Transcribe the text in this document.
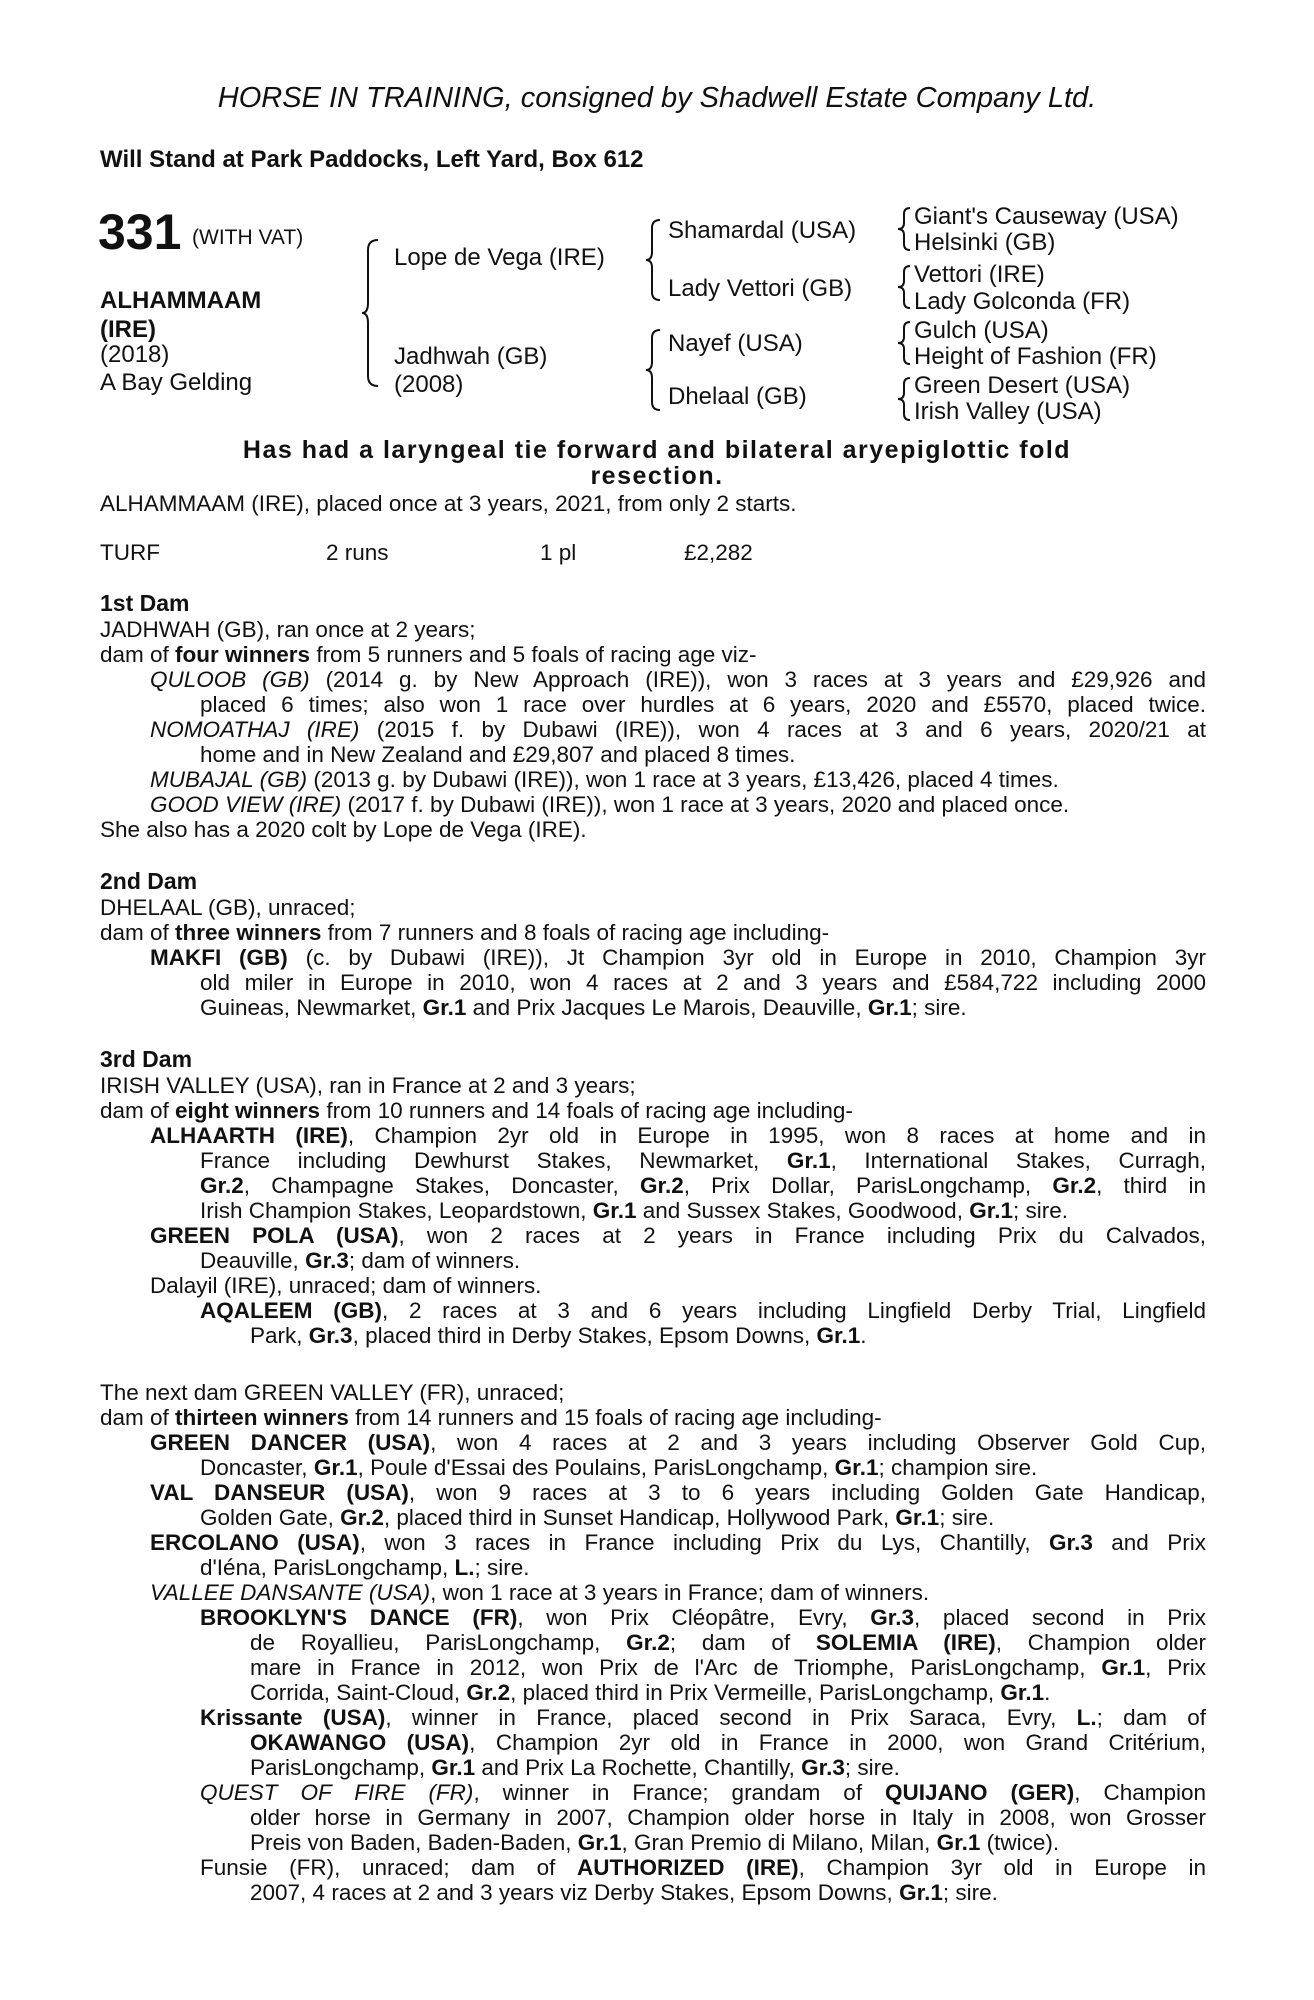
HORSE IN TRAINING, consigned by Shadwell Estate Company Ltd.
Will Stand at Park Paddocks, Left Yard, Box 612
331 (WITH VAT)
ALHAMMAAM
(IRE)
(2018)
A Bay Gelding
Lope de Vega (IRE)
Jadhwah (GB)
(2008)
Shamardal (USA)
Lady Vettori (GB)
Nayef (USA)
Dhelaal (GB)
Giant's Causeway (USA)
Helsinki (GB)
Vettori (IRE)
Lady Golconda (FR)
Gulch (USA)
Height of Fashion (FR)
Green Desert (USA)
Irish Valley (USA)
Has had a laryngeal tie forward and bilateral aryepiglottic fold
resection.
ALHAMMAAM (IRE), placed once at 3 years, 2021, from only 2 starts.
TURF	2 runs	1 pl	£2,282
1st Dam
JADHWAH (GB), ran once at 2 years;
dam of four winners from 5 runners and 5 foals of racing age viz-
QULOOB (GB) (2014 g. by New Approach (IRE)), won 3 races at 3 years and £29,926 and
placed 6 times; also won 1 race over hurdles at 6 years, 2020 and £5570, placed twice.
NOMOATHAJ (IRE) (2015 f. by Dubawi (IRE)), won 4 races at 3 and 6 years, 2020/21 at
home and in New Zealand and £29,807 and placed 8 times.
MUBAJAL (GB) (2013 g. by Dubawi (IRE)), won 1 race at 3 years, £13,426, placed 4 times.
GOOD VIEW (IRE) (2017 f. by Dubawi (IRE)), won 1 race at 3 years, 2020 and placed once.
She also has a 2020 colt by Lope de Vega (IRE).
2nd Dam
DHELAAL (GB), unraced;
dam of three winners from 7 runners and 8 foals of racing age including-
MAKFI (GB) (c. by Dubawi (IRE)), Jt Champion 3yr old in Europe in 2010, Champion 3yr
old miler in Europe in 2010, won 4 races at 2 and 3 years and £584,722 including 2000
Guineas, Newmarket, Gr.1 and Prix Jacques Le Marois, Deauville, Gr.1; sire.
3rd Dam
IRISH VALLEY (USA), ran in France at 2 and 3 years;
dam of eight winners from 10 runners and 14 foals of racing age including-
ALHAARTH (IRE), Champion 2yr old in Europe in 1995, won 8 races at home and in
France including Dewhurst Stakes, Newmarket, Gr.1, International Stakes, Curragh,
Gr.2, Champagne Stakes, Doncaster, Gr.2, Prix Dollar, ParisLongchamp, Gr.2, third in
Irish Champion Stakes, Leopardstown, Gr.1 and Sussex Stakes, Goodwood, Gr.1; sire.
GREEN POLA (USA), won 2 races at 2 years in France including Prix du Calvados,
Deauville, Gr.3; dam of winners.
Dalayil (IRE), unraced; dam of winners.
AQALEEM (GB), 2 races at 3 and 6 years including Lingfield Derby Trial, Lingfield
Park, Gr.3, placed third in Derby Stakes, Epsom Downs, Gr.1.
The next dam GREEN VALLEY (FR), unraced;
dam of thirteen winners from 14 runners and 15 foals of racing age including-
GREEN DANCER (USA), won 4 races at 2 and 3 years including Observer Gold Cup,
Doncaster, Gr.1, Poule d'Essai des Poulains, ParisLongchamp, Gr.1; champion sire.
VAL DANSEUR (USA), won 9 races at 3 to 6 years including Golden Gate Handicap,
Golden Gate, Gr.2, placed third in Sunset Handicap, Hollywood Park, Gr.1; sire.
ERCOLANO (USA), won 3 races in France including Prix du Lys, Chantilly, Gr.3 and Prix
d'Iéna, ParisLongchamp, L.; sire.
VALLEE DANSANTE (USA), won 1 race at 3 years in France; dam of winners.
BROOKLYN'S DANCE (FR), won Prix Cléopâtre, Evry, Gr.3, placed second in Prix
de Royallieu, ParisLongchamp, Gr.2; dam of SOLEMIA (IRE), Champion older
mare in France in 2012, won Prix de l'Arc de Triomphe, ParisLongchamp, Gr.1, Prix
Corrida, Saint-Cloud, Gr.2, placed third in Prix Vermeille, ParisLongchamp, Gr.1.
Krissante (USA), winner in France, placed second in Prix Saraca, Evry, L.; dam of
OKAWANGO (USA), Champion 2yr old in France in 2000, won Grand Critérium,
ParisLongchamp, Gr.1 and Prix La Rochette, Chantilly, Gr.3; sire.
QUEST OF FIRE (FR), winner in France; grandam of QUIJANO (GER), Champion
older horse in Germany in 2007, Champion older horse in Italy in 2008, won Grosser
Preis von Baden, Baden-Baden, Gr.1, Gran Premio di Milano, Milan, Gr.1 (twice).
Funsie (FR), unraced; dam of AUTHORIZED (IRE), Champion 3yr old in Europe in
2007, 4 races at 2 and 3 years viz Derby Stakes, Epsom Downs, Gr.1; sire.
